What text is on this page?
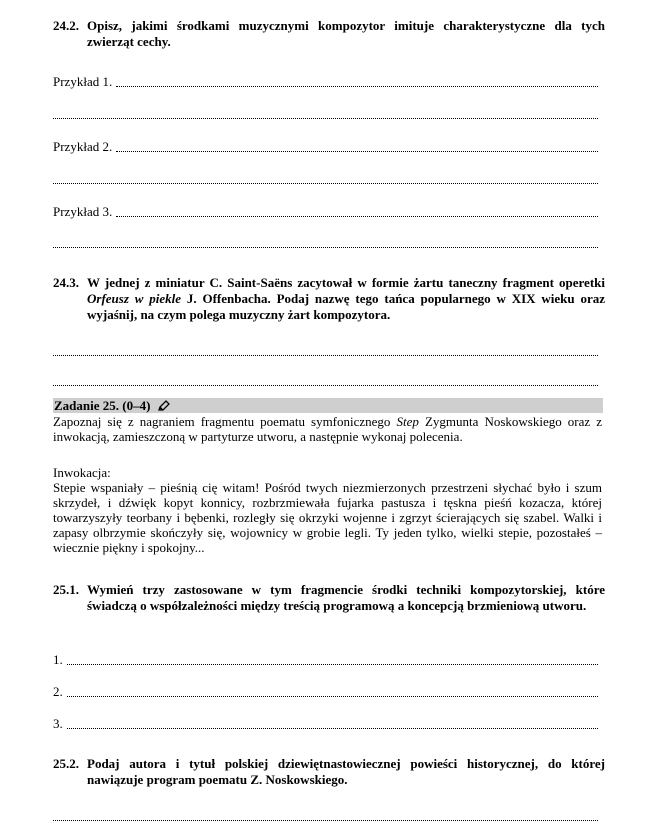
24.2. Opisz, jakimi środkami muzycznymi kompozytor imituje charakterystyczne dla tych zwierząt cechy.
Przykład 1.
Przykład 2.
Przykład 3.
24.3. W jednej z miniatur C. Saint-Saëns zacytował w formie żartu taneczny fragment operetki Orfeusz w piekle J. Offenbacha. Podaj nazwę tego tańca popularnego w XIX wieku oraz wyjaśnij, na czym polega muzyczny żart kompozytora.
Zadanie 25. (0–4)
Zapoznaj się z nagraniem fragmentu poematu symfonicznego Step Zygmunta Noskowskiego oraz z inwokacją, zamieszczoną w partyturze utworu, a następnie wykonaj polecenia.
Inwokacja:
Stepie wspaniały – pieśnią cię witam! Pośród twych niezmierzonych przestrzeni słychać było i szum skrzydeł, i dźwięk kopyt konnicy, rozbrzmiewała fujarka pastusza i tęskna pieśń kozacza, której towarzyszyły teorbany i bębenki, rozległy się okrzyki wojenne i zgrzyt ścierających się szabel. Walki i zapasy olbrzymie skończyły się, wojownicy w grobie legli. Ty jeden tylko, wielki stepie, pozostałeś – wiecznie piękny i spokojny...
25.1. Wymień trzy zastosowane w tym fragmencie środki techniki kompozytorskiej, które świadczą o współzależności między treścią programową a koncepcją brzmieniową utworu.
1.
2.
3.
25.2. Podaj autora i tytuł polskiej dziewiętnastowiecznej powieści historycznej, do której nawiązuje program poematu Z. Noskowskiego.
